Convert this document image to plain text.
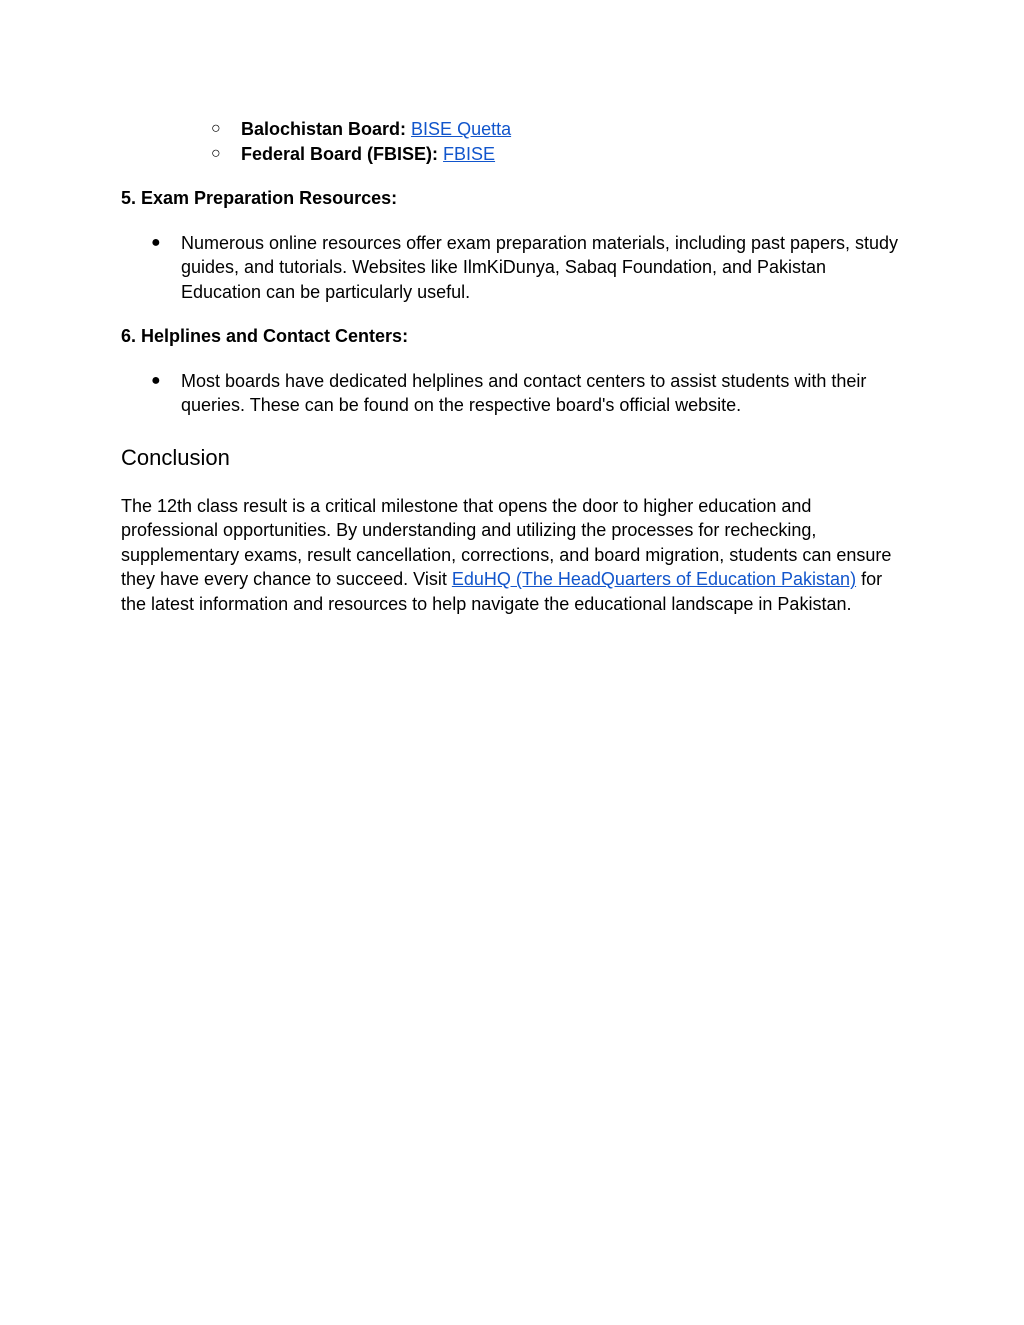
○ Balochistan Board: BISE Quetta
○ Federal Board (FBISE): FBISE
5. Exam Preparation Resources:
● Numerous online resources offer exam preparation materials, including past papers, study guides, and tutorials. Websites like IlmKiDunya, Sabaq Foundation, and Pakistan Education can be particularly useful.
6. Helplines and Contact Centers:
● Most boards have dedicated helplines and contact centers to assist students with their queries. These can be found on the respective board's official website.
Conclusion

The 12th class result is a critical milestone that opens the door to higher education and professional opportunities. By understanding and utilizing the processes for rechecking, supplementary exams, result cancellation, corrections, and board migration, students can ensure they have every chance to succeed. Visit EduHQ (The HeadQuarters of Education Pakistan) for the latest information and resources to help navigate the educational landscape in Pakistan.
